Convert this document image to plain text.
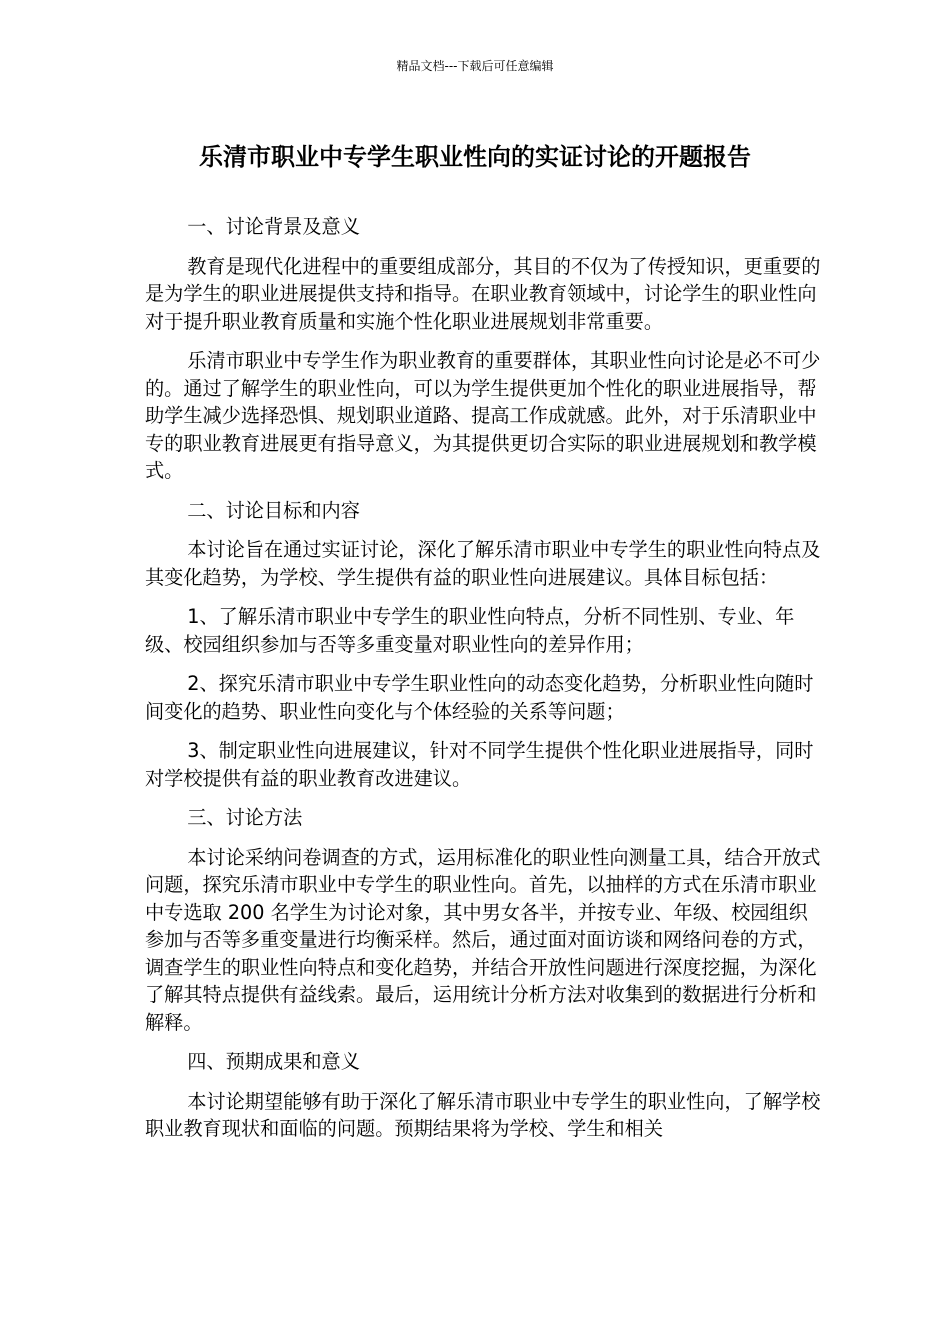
精品文档---下载后可任意编辑
乐清市职业中专学生职业性向的实证讨论的开题报告

一、讨论背景及意义

教育是现代化进程中的重要组成部分，其目的不仅为了传授知识，更重要的是为学生的职业进展提供支持和指导。在职业教育领域中，讨论学生的职业性向对于提升职业教育质量和实施个性化职业进展规划非常重要。

乐清市职业中专学生作为职业教育的重要群体，其职业性向讨论是必不可少的。通过了解学生的职业性向，可以为学生提供更加个性化的职业进展指导，帮助学生减少选择恐惧、规划职业道路、提高工作成就感。此外，对于乐清职业中专的职业教育进展更有指导意义，为其提供更切合实际的职业进展规划和教学模式。

二、讨论目标和内容

本讨论旨在通过实证讨论，深化了解乐清市职业中专学生的职业性向特点及其变化趋势，为学校、学生提供有益的职业性向进展建议。具体目标包括：

1、了解乐清市职业中专学生的职业性向特点，分析不同性别、专业、年级、校园组织参加与否等多重变量对职业性向的差异作用；

2、探究乐清市职业中专学生职业性向的动态变化趋势，分析职业性向随时间变化的趋势、职业性向变化与个体经验的关系等问题；

3、制定职业性向进展建议，针对不同学生提供个性化职业进展指导，同时对学校提供有益的职业教育改进建议。

三、讨论方法

本讨论采纳问卷调查的方式，运用标准化的职业性向测量工具，结合开放式问题，探究乐清市职业中专学生的职业性向。首先，以抽样的方式在乐清市职业中专选取 200 名学生为讨论对象，其中男女各半，并按专业、年级、校园组织参加与否等多重变量进行均衡采样。然后，通过面对面访谈和网络问卷的方式，调查学生的职业性向特点和变化趋势，并结合开放性问题进行深度挖掘，为深化了解其特点提供有益线索。最后，运用统计分析方法对收集到的数据进行分析和解释。

四、预期成果和意义

本讨论期望能够有助于深化了解乐清市职业中专学生的职业性向，了解学校职业教育现状和面临的问题。预期结果将为学校、学生和相关
